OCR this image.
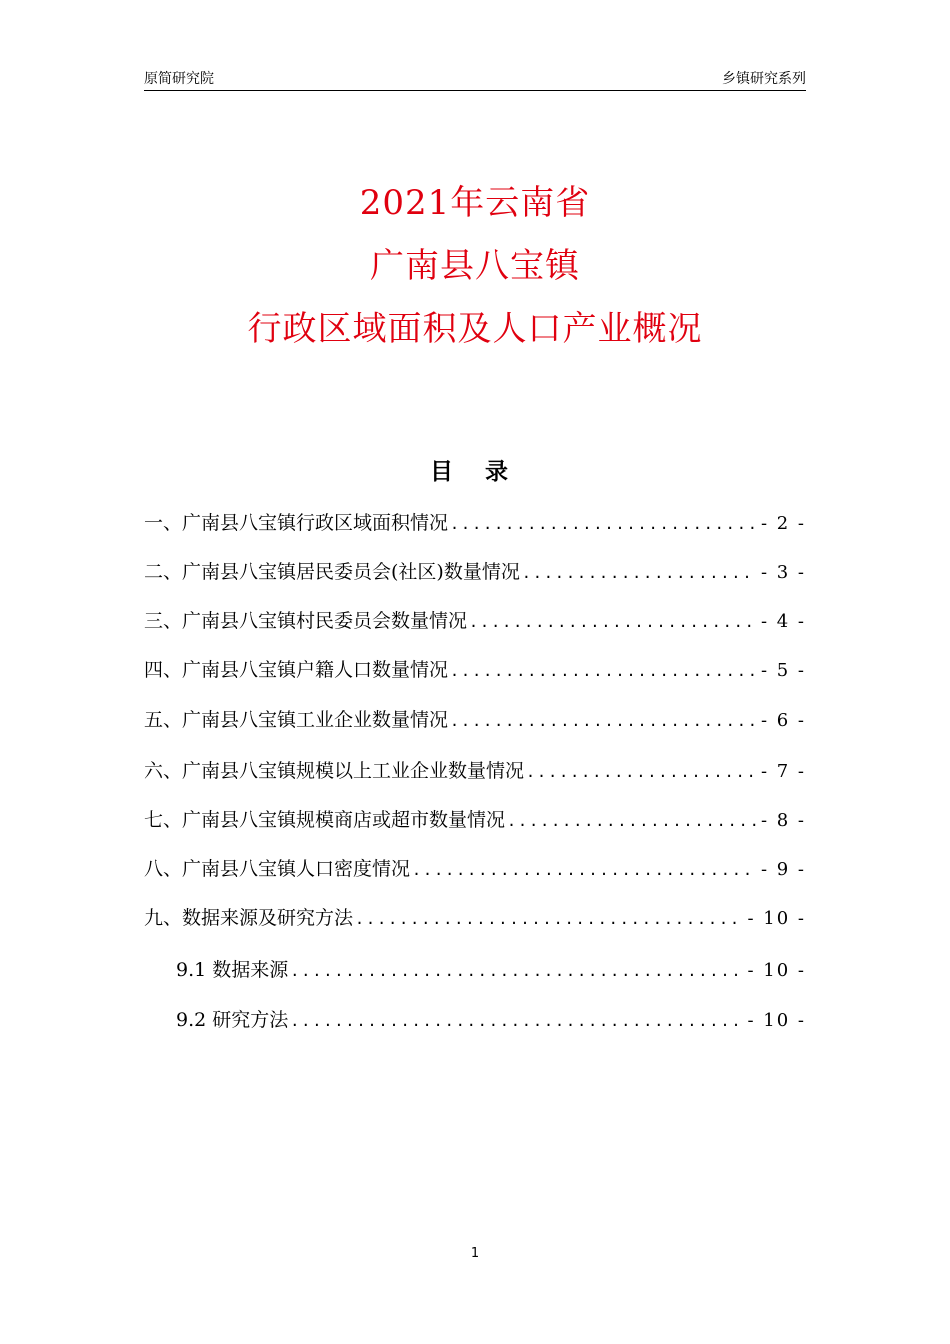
原简研究院	乡镇研究系列
2021年云南省
广南县八宝镇
行政区域面积及人口产业概况
目 录
一、广南县八宝镇行政区域面积情况 .....	- 2 -
二、广南县八宝镇居民委员会(社区)数量情况 .....	- 3 -
三、广南县八宝镇村民委员会数量情况 .....	- 4 -
四、广南县八宝镇户籍人口数量情况 .....	- 5 -
五、广南县八宝镇工业企业数量情况 .....	- 6 -
六、广南县八宝镇规模以上工业企业数量情况 .....	- 7 -
七、广南县八宝镇规模商店或超市数量情况 .....	- 8 -
八、广南县八宝镇人口密度情况 .....	- 9 -
九、数据来源及研究方法 .....	- 10 -
9.1 数据来源 .....	- 10 -
9.2 研究方法 .....	- 10 -
1
